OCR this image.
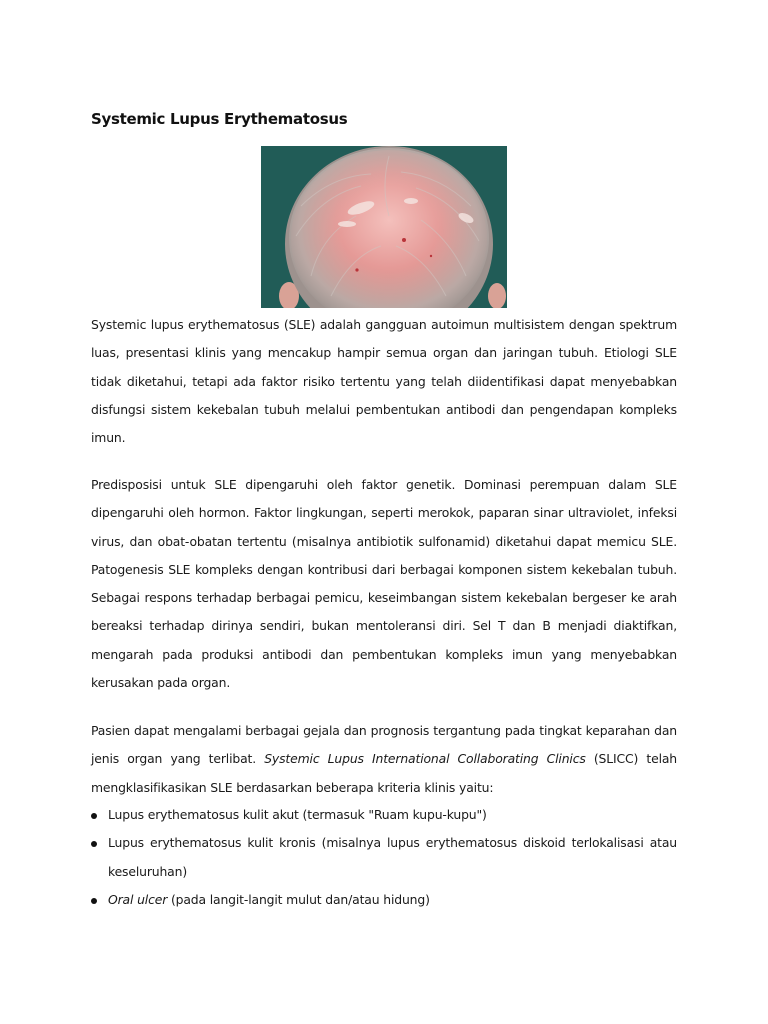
Systemic Lupus Erythematosus

Systemic lupus erythematosus (SLE) adalah gangguan autoimun multisistem dengan spektrum luas, presentasi klinis yang mencakup hampir semua organ dan jaringan tubuh. Etiologi SLE tidak diketahui, tetapi ada faktor risiko tertentu yang telah diidentifikasi dapat menyebabkan disfungsi sistem kekebalan tubuh melalui pembentukan antibodi dan pengendapan kompleks imun.

Predisposisi untuk SLE dipengaruhi oleh faktor genetik. Dominasi perempuan dalam SLE dipengaruhi oleh hormon. Faktor lingkungan, seperti merokok, paparan sinar ultraviolet, infeksi virus, dan obat-obatan tertentu (misalnya antibiotik sulfonamid) diketahui dapat memicu SLE. Patogenesis SLE kompleks dengan kontribusi dari berbagai komponen sistem kekebalan tubuh. Sebagai respons terhadap berbagai pemicu, keseimbangan sistem kekebalan bergeser ke arah bereaksi terhadap dirinya sendiri, bukan mentoleransi diri. Sel T dan B menjadi diaktifkan, mengarah pada produksi antibodi dan pembentukan kompleks imun yang menyebabkan kerusakan pada organ.

Pasien dapat mengalami berbagai gejala dan prognosis tergantung pada tingkat keparahan dan jenis organ yang terlibat. Systemic Lupus International Collaborating Clinics (SLICC) telah mengklasifikasikan SLE berdasarkan beberapa kriteria klinis yaitu:

Lupus erythematosus kulit akut (termasuk "Ruam kupu-kupu")
Lupus erythematosus kulit kronis (misalnya lupus erythematosus diskoid terlokalisasi atau keseluruhan)
Oral ulcer (pada langit-langit mulut dan/atau hidung)
